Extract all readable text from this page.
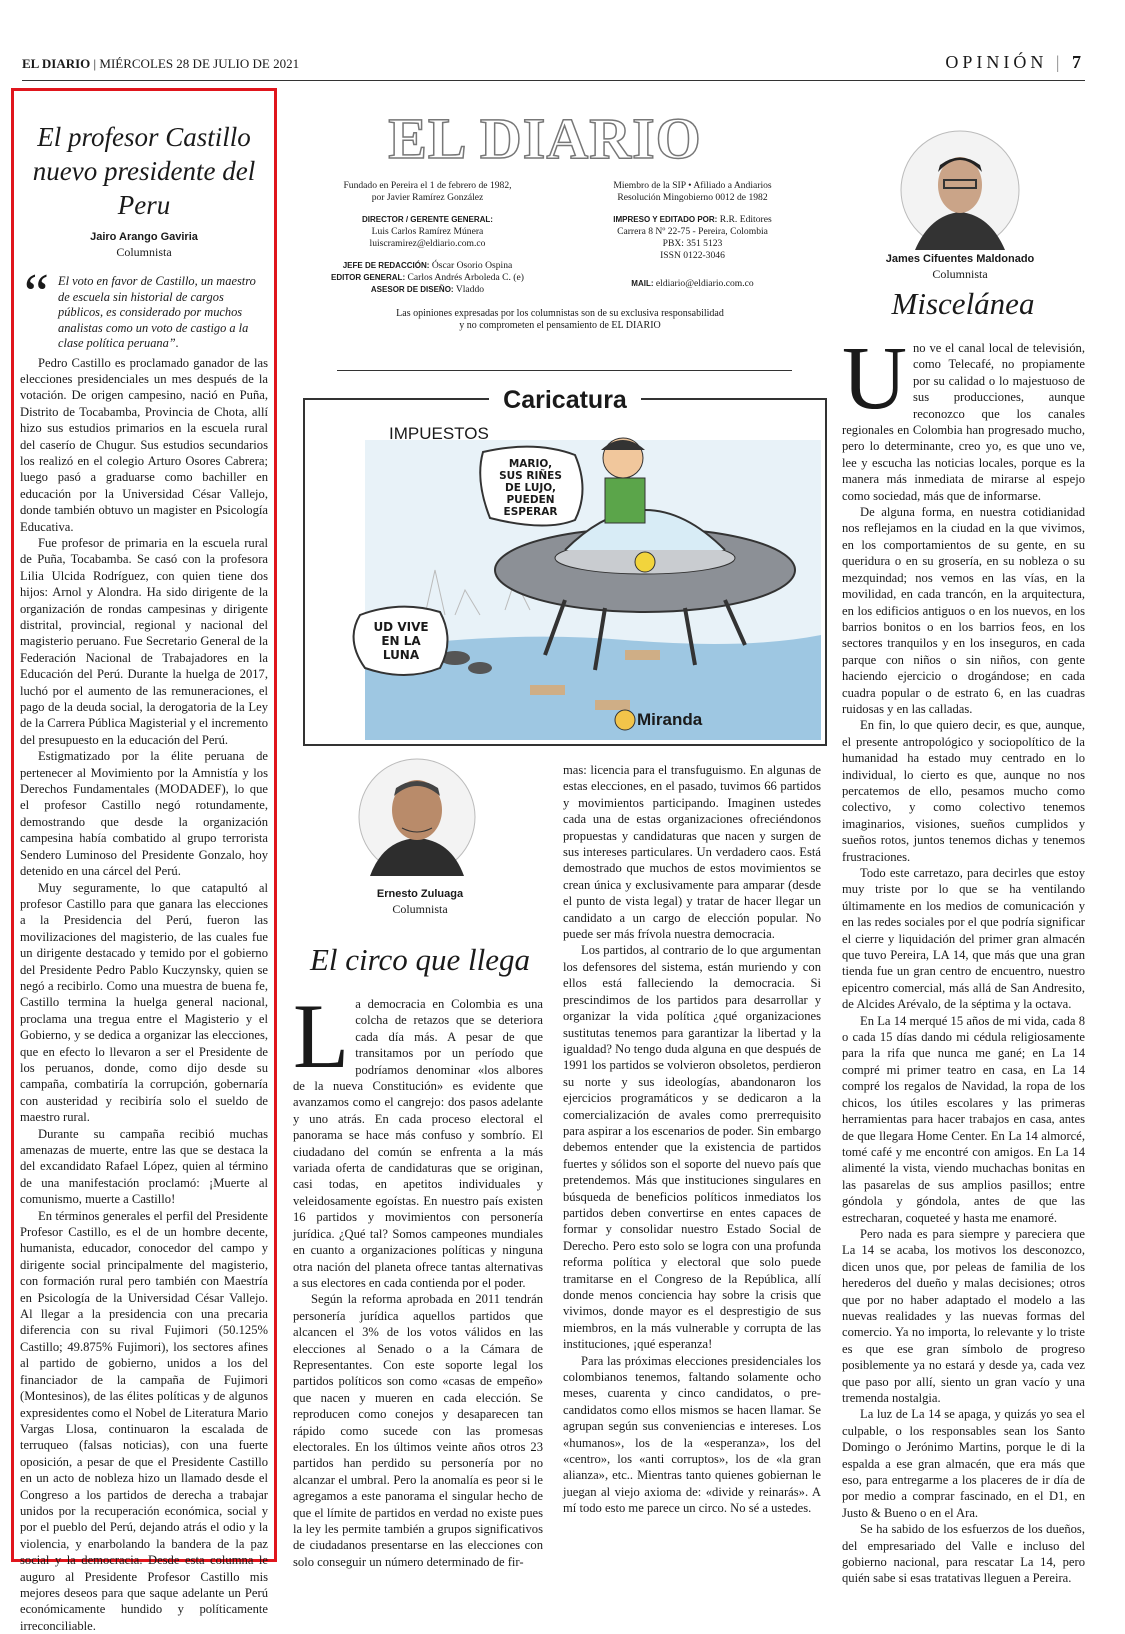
EL DIARIO | MIÉRCOLES 28 DE JULIO DE 2021	OPINIÓN | 7
El profesor Castillo
nuevo presidente del Peru
Jairo Arango Gaviria
Columnista
“ El voto en favor de Castillo, un maestro de escuela sin historial de cargos públicos, es considerado por muchos analistas como un voto de castigo a la clase política peruana”.

Pedro Castillo es proclamado ganador de las elecciones presidenciales un mes después de la votación. De origen campesino, nació en Puña, Distrito de Tocabamba, Provincia de Chota, allí hizo sus estudios primarios en la escuela rural del caserío de Chugur. Sus estudios secundarios los realizó en el colegio Arturo Osores Cabrera; luego pasó a graduarse como bachiller en educación por la Universidad César Vallejo, donde también obtuvo un magister en Psicología Educativa.

Fue profesor de primaria en la escuela rural de Puña, Tocabamba. Se casó con la profesora Lilia Ulcida Rodríguez, con quien tiene dos hijos: Arnol y Alondra. Ha sido dirigente de la organización de rondas campesinas y dirigente distrital, provincial, regional y nacional del magisterio peruano. Fue Secretario General de la Federación Nacional de Trabajadores en la Educación del Perú. Durante la huelga de 2017, luchó por el aumento de las remuneraciones, el pago de la deuda social, la derogatoria de la Ley de la Carrera Pública Magisterial y el incremento del presupuesto en la educación del Perú.

Estigmatizado por la élite peruana de pertenecer al Movimiento por la Amnistía y los Derechos Fundamentales (MODADEF), lo que el profesor Castillo negó rotundamente, demostrando que desde la organización campesina había combatido al grupo terrorista Sendero Luminoso del Presidente Gonzalo, hoy detenido en una cárcel del Perú.

Muy seguramente, lo que catapultó al profesor Castillo para que ganara las elecciones a la Presidencia del Perú, fueron las movilizaciones del magisterio, de las cuales fue un dirigente destacado y temido por el gobierno del Presidente Pedro Pablo Kuczynsky, quien se negó a recibirlo. Como una muestra de buena fe, Castillo termina la huelga general nacional, proclama una tregua entre el Magisterio y el Gobierno, y se dedica a organizar las elecciones, que en efecto lo llevaron a ser el Presidente de los peruanos, donde, como dijo desde su campaña, combatiría la corrupción, gobernaría con austeridad y recibiría solo el sueldo de maestro rural.

Durante su campaña recibió muchas amenazas de muerte, entre las que se destaca la del excandidato Rafael López, quien al término de una manifestación proclamó: ¡Muerte al comunismo, muerte a Castillo!

En términos generales el perfil del Presidente Profesor Castillo, es el de un hombre decente, humanista, educador, conocedor del campo y dirigente social principalmente del magisterio, con formación rural pero también con Maestría en Psicología de la Universidad César Vallejo. Al llegar a la presidencia con una precaria diferencia con su rival Fujimori (50.125% Castillo; 49.875% Fujimori), los sectores afines al partido de gobierno, unidos a los del financiador de la campaña de Fujimori (Montesinos), de las élites políticas y de algunos expresidentes como el Nobel de Literatura Mario Vargas Llosa, continuaron la escalada de terruqueo (falsas noticias), con una fuerte oposición, a pesar de que el Presidente Castillo en un acto de nobleza hizo un llamado desde el Congreso a los partidos de derecha a trabajar unidos por la recuperación económica, social y por el pueblo del Perú, dejando atrás el odio y la violencia, y enarbolando la bandera de la paz social y la democracia. Desde esta columna le auguro al Presidente Profesor Castillo mis mejores deseos para que saque adelante un Perú económicamente hundido y políticamente irreconciliable.

EL DIARIO
Fundado en Pereira el 1 de febrero de 1982,
por Javier Ramírez González
DIRECTOR / GERENTE GENERAL:
Luis Carlos Ramírez Múnera
luiscramirez@eldiario.com.co
JEFE DE REDACCIÓN: Óscar Osorio Ospina
EDITOR GENERAL: Carlos Andrés Arboleda C. (e)
ASESOR DE DISEÑO: Vladdo
Miembro de la SIP • Afiliado a Andiarios
Resolución Mingobierno 0012 de 1982
IMPRESO Y EDITADO POR: R.R. Editores
Carrera 8 Nº 22-75 - Pereira, Colombia
PBX: 351 5123
ISSN 0122-3046
MAIL: eldiario@eldiario.com.co
Las opiniones expresadas por los columnistas son de su exclusiva responsabilidad
y no comprometen el pensamiento de EL DIARIO
Caricatura
IMPUESTOS
MARIO,
SUS RIÑES
DE LUJO,
PUEDEN
ESPERAR
UD VIVE
EN LA
LUNA
Miranda
James Cifuentes Maldonado
Columnista
Miscelánea

Uno ve el canal local de televisión, como Telecafé, no propiamente por su calidad o lo majestuoso de sus producciones, aunque reconozco que los canales regionales en Colombia han progresado mucho, pero lo determinante, creo yo, es que uno ve, lee y escucha las noticias locales, porque es la manera más inmediata de mirarse al espejo como sociedad, más que de informarse.

De alguna forma, en nuestra cotidianidad nos reflejamos en la ciudad en la que vivimos, en los comportamientos de su gente, en su queridura o en su grosería, en su nobleza o su mezquindad; nos vemos en las vías, en la movilidad, en cada trancón, en la arquitectura, en los edificios antiguos o en los nuevos, en los barrios bonitos o en los barrios feos, en los sectores tranquilos y en los inseguros, en cada parque con niños o sin niños, con gente haciendo ejercicio o drogándose; en cada cuadra popular o de estrato 6, en las cuadras ruidosas y en las calladas.

En fin, lo que quiero decir, es que, aunque, el presente antropológico y sociopolítico de la humanidad ha estado muy centrado en lo individual, lo cierto es que, aunque no nos percatemos de ello, pesamos mucho como colectivo, y como colectivo tenemos imaginarios, visiones, sueños cumplidos y sueños rotos, juntos tenemos dichas y tenemos frustraciones.

Todo este carretazo, para decirles que estoy muy triste por lo que se ha ventilando últimamente en los medios de comunicación y en las redes sociales por el que podría significar el cierre y liquidación del primer gran almacén que tuvo Pereira, LA 14, que más que una gran tienda fue un gran centro de encuentro, nuestro epicentro comercial, más allá de San Andresito, de Alcides Arévalo, de la séptima y la octava.

En La 14 merqué 15 años de mi vida, cada 8 o cada 15 días dando mi cédula religiosamente para la rifa que nunca me gané; en La 14 compré mi primer teatro en casa, en La 14 compré los regalos de Navidad, la ropa de los chicos, los útiles escolares y las primeras herramientas para hacer trabajos en casa, antes de que llegara Home Center. En La 14 almorcé, tomé café y me encontré con amigos. En La 14 alimenté la vista, viendo muchachas bonitas en las pasarelas de sus amplios pasillos; entre góndola y góndola, antes de que las estrecharan, coqueteé y hasta me enamoré.

Pero nada es para siempre y pareciera que La 14 se acaba, los motivos los desconozco, dicen unos que, por peleas de familia de los herederos del dueño y malas decisiones; otros que por no haber adaptado el modelo a las nuevas realidades y las nuevas formas del comercio. Ya no importa, lo relevante y lo triste es que ese gran símbolo de progreso posiblemente ya no estará y desde ya, cada vez que paso por allí, siento un gran vacío y una tremenda nostalgia.

La luz de La 14 se apaga, y quizás yo sea el culpable, o los responsables sean los Santo Domingo o Jerónimo Martins, porque le di la espalda a ese gran almacén, que era más que eso, para entregarme a los placeres de ir día de por medio a comprar fascinado, en el D1, en Justo & Bueno o en el Ara.

Se ha sabido de los esfuerzos de los dueños, del empresariado del Valle e incluso del gobierno nacional, para rescatar La 14, pero quién sabe si esas tratativas lleguen a Pereira.

Ernesto Zuluaga
Columnista
El circo que llega

La democracia en Colombia es una colcha de retazos que se deteriora cada día más. A pesar de que transitamos por un período que podríamos denominar «los albores de la nueva Constitución» es evidente que avanzamos como el cangrejo: dos pasos adelante y uno atrás. En cada proceso electoral el panorama se hace más confuso y sombrío. El ciudadano del común se enfrenta a la más variada oferta de candidaturas que se originan, casi todas, en apetitos individuales y veleidosamente egoístas. En nuestro país existen 16 partidos y movimientos con personería jurídica. ¿Qué tal? Somos campeones mundiales en cuanto a organizaciones políticas y ninguna otra nación del planeta ofrece tantas alternativas a sus electores en cada contienda por el poder.

Según la reforma aprobada en 2011 tendrán personería jurídica aquellos partidos que alcancen el 3% de los votos válidos en las elecciones al Senado o a la Cámara de Representantes. Con este soporte legal los partidos políticos son como «casas de empeño» que nacen y mueren en cada elección. Se reproducen como conejos y desaparecen tan rápido como sucede con las promesas electorales. En los últimos veinte años otros 23 partidos han perdido su personería por no alcanzar el umbral. Pero la anomalía es peor si le agregamos a este panorama el singular hecho de que el límite de partidos en verdad no existe pues la ley les permite también a grupos significativos de ciudadanos presentarse en las elecciones con solo conseguir un número determinado de fir-

mas: licencia para el transfuguismo. En algunas de estas elecciones, en el pasado, tuvimos 66 partidos y movimientos participando. Imaginen ustedes cada una de estas organizaciones ofreciéndonos propuestas y candidaturas que nacen y surgen de sus intereses particulares. Un verdadero caos. Está demostrado que muchos de estos movimientos se crean única y exclusivamente para amparar (desde el punto de vista legal) y tratar de hacer llegar un candidato a un cargo de elección popular. No puede ser más frívola nuestra democracia.

Los partidos, al contrario de lo que argumentan los defensores del sistema, están muriendo y con ellos está falleciendo la democracia. Si prescindimos de los partidos para desarrollar y organizar la vida política ¿qué organizaciones sustitutas tenemos para garantizar la libertad y la igualdad? No tengo duda alguna en que después de 1991 los partidos se volvieron obsoletos, perdieron su norte y sus ideologías, abandonaron los ejercicios programáticos y se dedicaron a la comercialización de avales como prerrequisito para aspirar a los escenarios de poder. Sin embargo debemos entender que la existencia de partidos fuertes y sólidos son el soporte del nuevo país que pretendemos. Más que instituciones singulares en búsqueda de beneficios políticos inmediatos los partidos deben convertirse en entes capaces de formar y consolidar nuestro Estado Social de Derecho. Pero esto solo se logra con una profunda reforma política y electoral que solo puede tramitarse en el Congreso de la República, allí donde menos conciencia hay sobre la crisis que vivimos, donde mayor es el desprestigio de sus miembros, en la más vulnerable y corrupta de las instituciones, ¡qué esperanza!

Para las próximas elecciones presidenciales los colombianos tenemos, faltando solamente ocho meses, cuarenta y cinco candidatos, o pre-candidatos como ellos mismos se hacen llamar. Se agrupan según sus conveniencias e intereses. Los «humanos», los de la «esperanza», los del «centro», los «anti corruptos», los de «la gran alianza», etc.. Mientras tanto quienes gobiernan le juegan al viejo axioma de: «divide y reinarás». A mí todo esto me parece un circo. No sé a ustedes.
